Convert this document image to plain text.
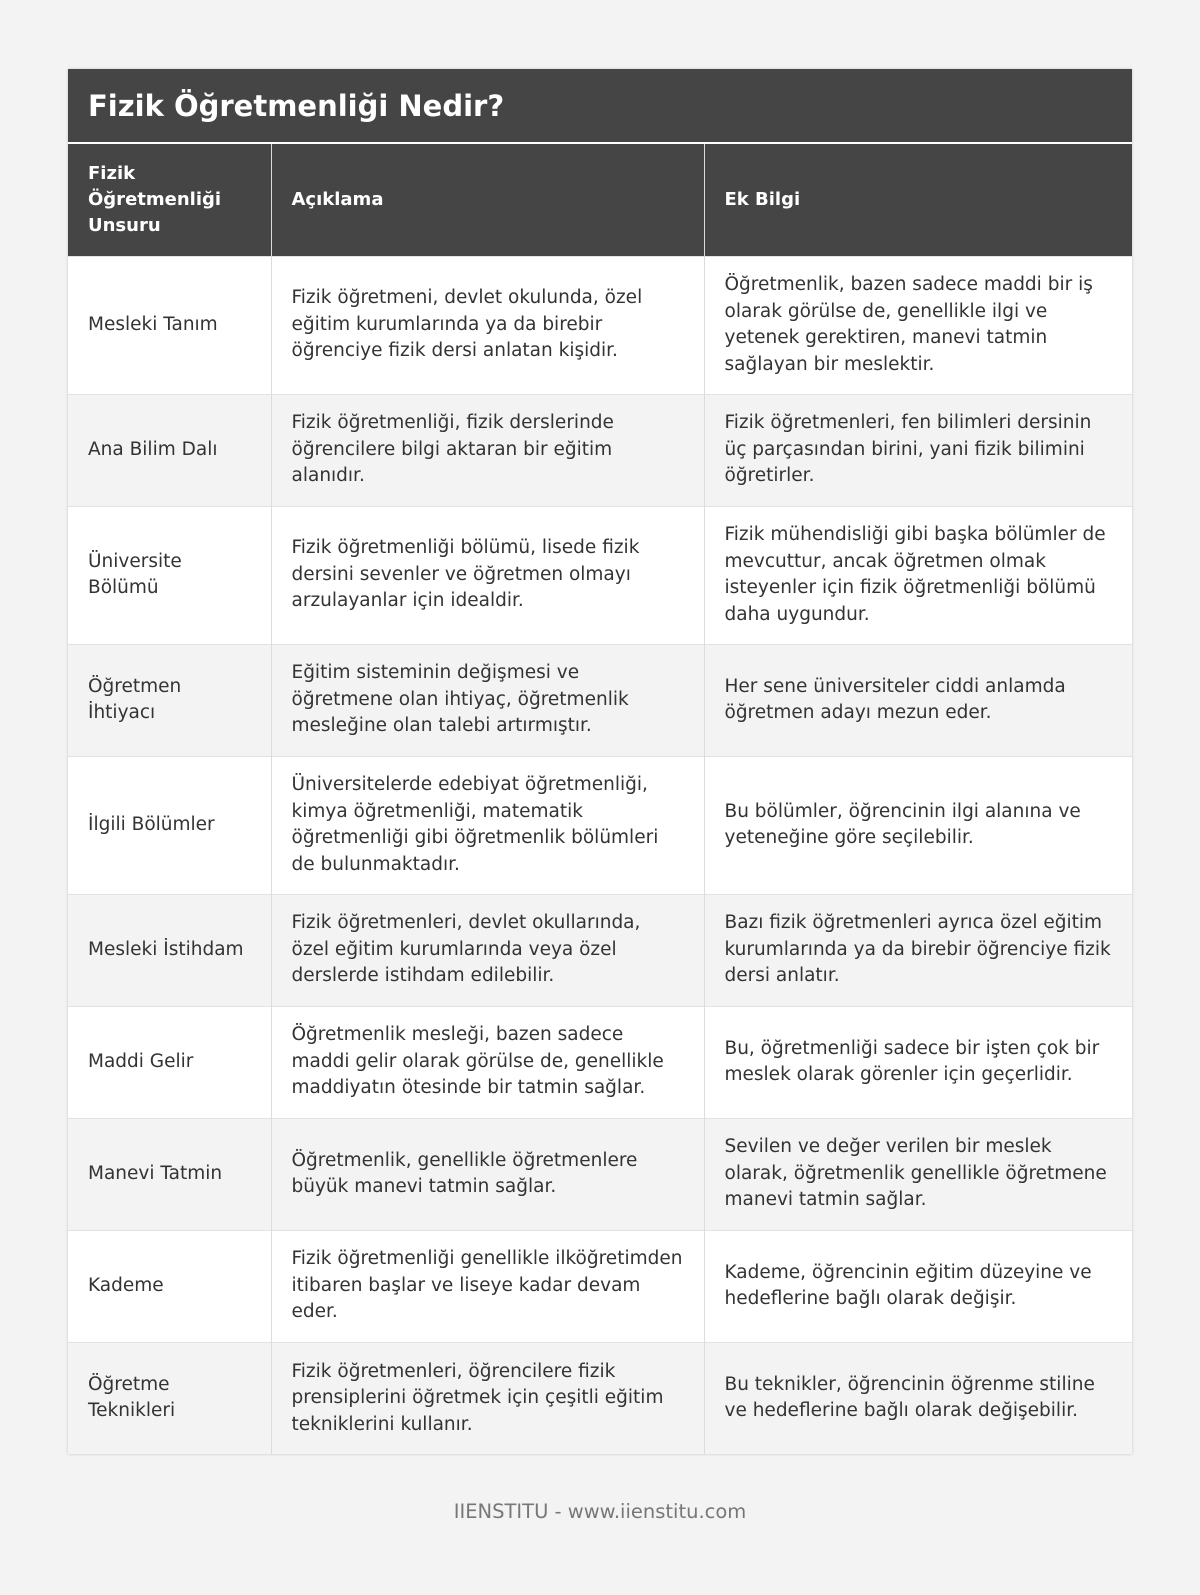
Fizik Öğretmenliği Nedir?
Fizik Öğretmenliği Unsuru	Açıklama	Ek Bilgi
Mesleki Tanım	Fizik öğretmeni, devlet okulunda, özel eğitim kurumlarında ya da birebir öğrenciye fizik dersi anlatan kişidir.	Öğretmenlik, bazen sadece maddi bir iş olarak görülse de, genellikle ilgi ve yetenek gerektiren, manevi tatmin sağlayan bir meslektir.
Ana Bilim Dalı	Fizik öğretmenliği, fizik derslerinde öğrencilere bilgi aktaran bir eğitim alanıdır.	Fizik öğretmenleri, fen bilimleri dersinin üç parçasından birini, yani fizik bilimini öğretirler.
Üniversite Bölümü	Fizik öğretmenliği bölümü, lisede fizik dersini sevenler ve öğretmen olmayı arzulayanlar için idealdir.	Fizik mühendisliği gibi başka bölümler de mevcuttur, ancak öğretmen olmak isteyenler için fizik öğretmenliği bölümü daha uygundur.
Öğretmen İhtiyacı	Eğitim sisteminin değişmesi ve öğretmene olan ihtiyaç, öğretmenlik mesleğine olan talebi artırmıştır.	Her sene üniversiteler ciddi anlamda öğretmen adayı mezun eder.
İlgili Bölümler	Üniversitelerde edebiyat öğretmenliği, kimya öğretmenliği, matematik öğretmenliği gibi öğretmenlik bölümleri de bulunmaktadır.	Bu bölümler, öğrencinin ilgi alanına ve yeteneğine göre seçilebilir.
Mesleki İstihdam	Fizik öğretmenleri, devlet okullarında, özel eğitim kurumlarında veya özel derslerde istihdam edilebilir.	Bazı fizik öğretmenleri ayrıca özel eğitim kurumlarında ya da birebir öğrenciye fizik dersi anlatır.
Maddi Gelir	Öğretmenlik mesleği, bazen sadece maddi gelir olarak görülse de, genellikle maddiyatın ötesinde bir tatmin sağlar.	Bu, öğretmenliği sadece bir işten çok bir meslek olarak görenler için geçerlidir.
Manevi Tatmin	Öğretmenlik, genellikle öğretmenlere büyük manevi tatmin sağlar.	Sevilen ve değer verilen bir meslek olarak, öğretmenlik genellikle öğretmene manevi tatmin sağlar.
Kademe	Fizik öğretmenliği genellikle ilköğretimden itibaren başlar ve liseye kadar devam eder.	Kademe, öğrencinin eğitim düzeyine ve hedeflerine bağlı olarak değişir.
Öğretme Teknikleri	Fizik öğretmenleri, öğrencilere fizik prensiplerini öğretmek için çeşitli eğitim tekniklerini kullanır.	Bu teknikler, öğrencinin öğrenme stiline ve hedeflerine bağlı olarak değişebilir.
IIENSTITU - www.iienstitu.com
